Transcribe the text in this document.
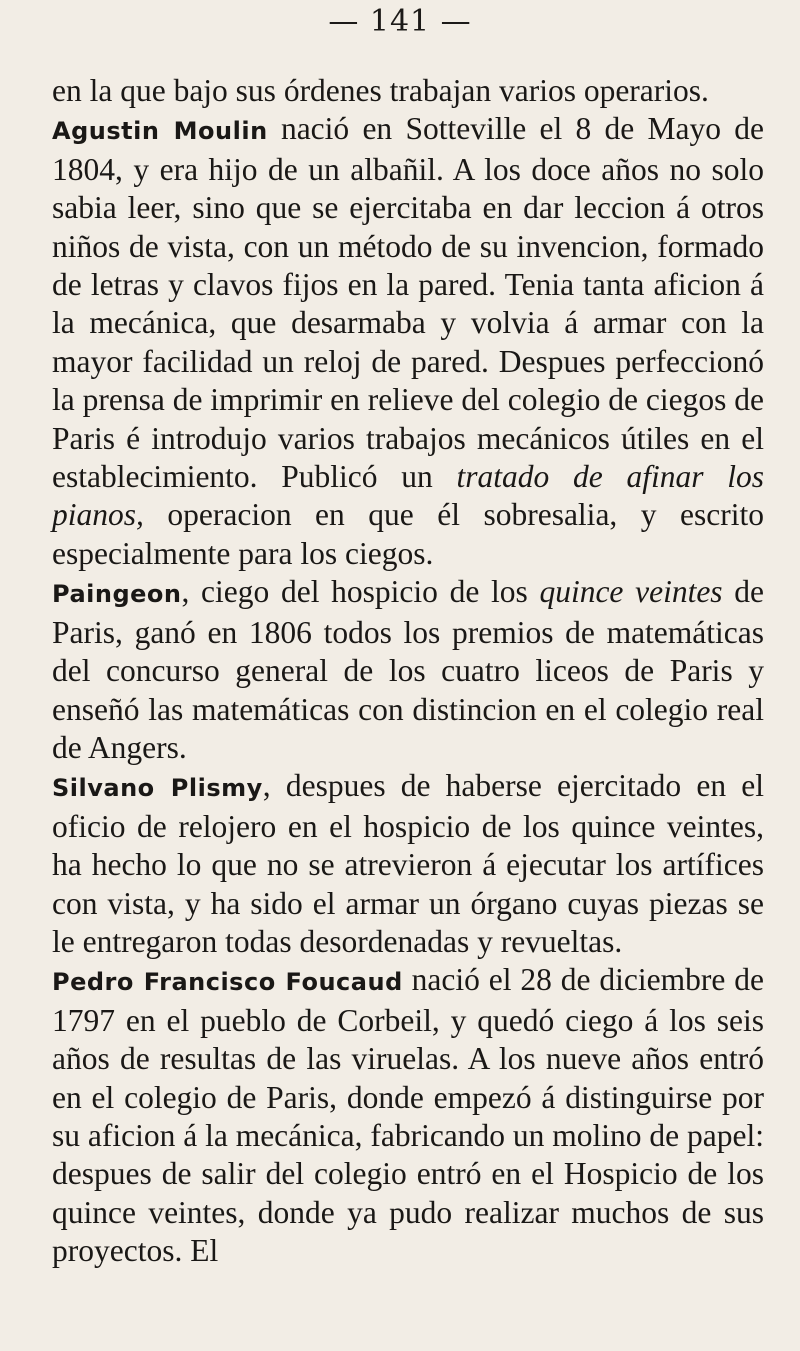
— 141 —

en la que bajo sus órdenes trabajan varios operarios.

Agustin Moulin nació en Sotteville el 8 de Mayo de 1804, y era hijo de un albañil. A los doce años no solo sabia leer, sino que se ejercitaba en dar leccion á otros niños de vista, con un método de su invencion, formado de letras y clavos fijos en la pared. Tenia tanta aficion á la mecánica, que desarmaba y volvia á armar con la mayor facilidad un reloj de pared. Despues perfeccionó la prensa de imprimir en relieve del colegio de ciegos de Paris é introdujo varios trabajos mecánicos útiles en el establecimiento. Publicó un tratado de afinar los pianos, operacion en que él sobresalia, y escrito especialmente para los ciegos.

Paingeon, ciego del hospicio de los quince veintes de Paris, ganó en 1806 todos los premios de matemáticas del concurso general de los cuatro liceos de Paris y enseñó las matemáticas con distincion en el colegio real de Angers.

Silvano Plismy, despues de haberse ejercitado en el oficio de relojero en el hospicio de los quince veintes, ha hecho lo que no se atrevieron á ejecutar los artífices con vista, y ha sido el armar un órgano cuyas piezas se le entregaron todas desordenadas y revueltas.

Pedro Francisco Foucaud nació el 28 de diciembre de 1797 en el pueblo de Corbeil, y quedó ciego á los seis años de resultas de las viruelas. A los nueve años entró en el colegio de Paris, donde empezó á distinguirse por su aficion á la mecánica, fabricando un molino de papel: despues de salir del colegio entró en el Hospicio de los quince veintes, donde ya pudo realizar muchos de sus proyectos. El
